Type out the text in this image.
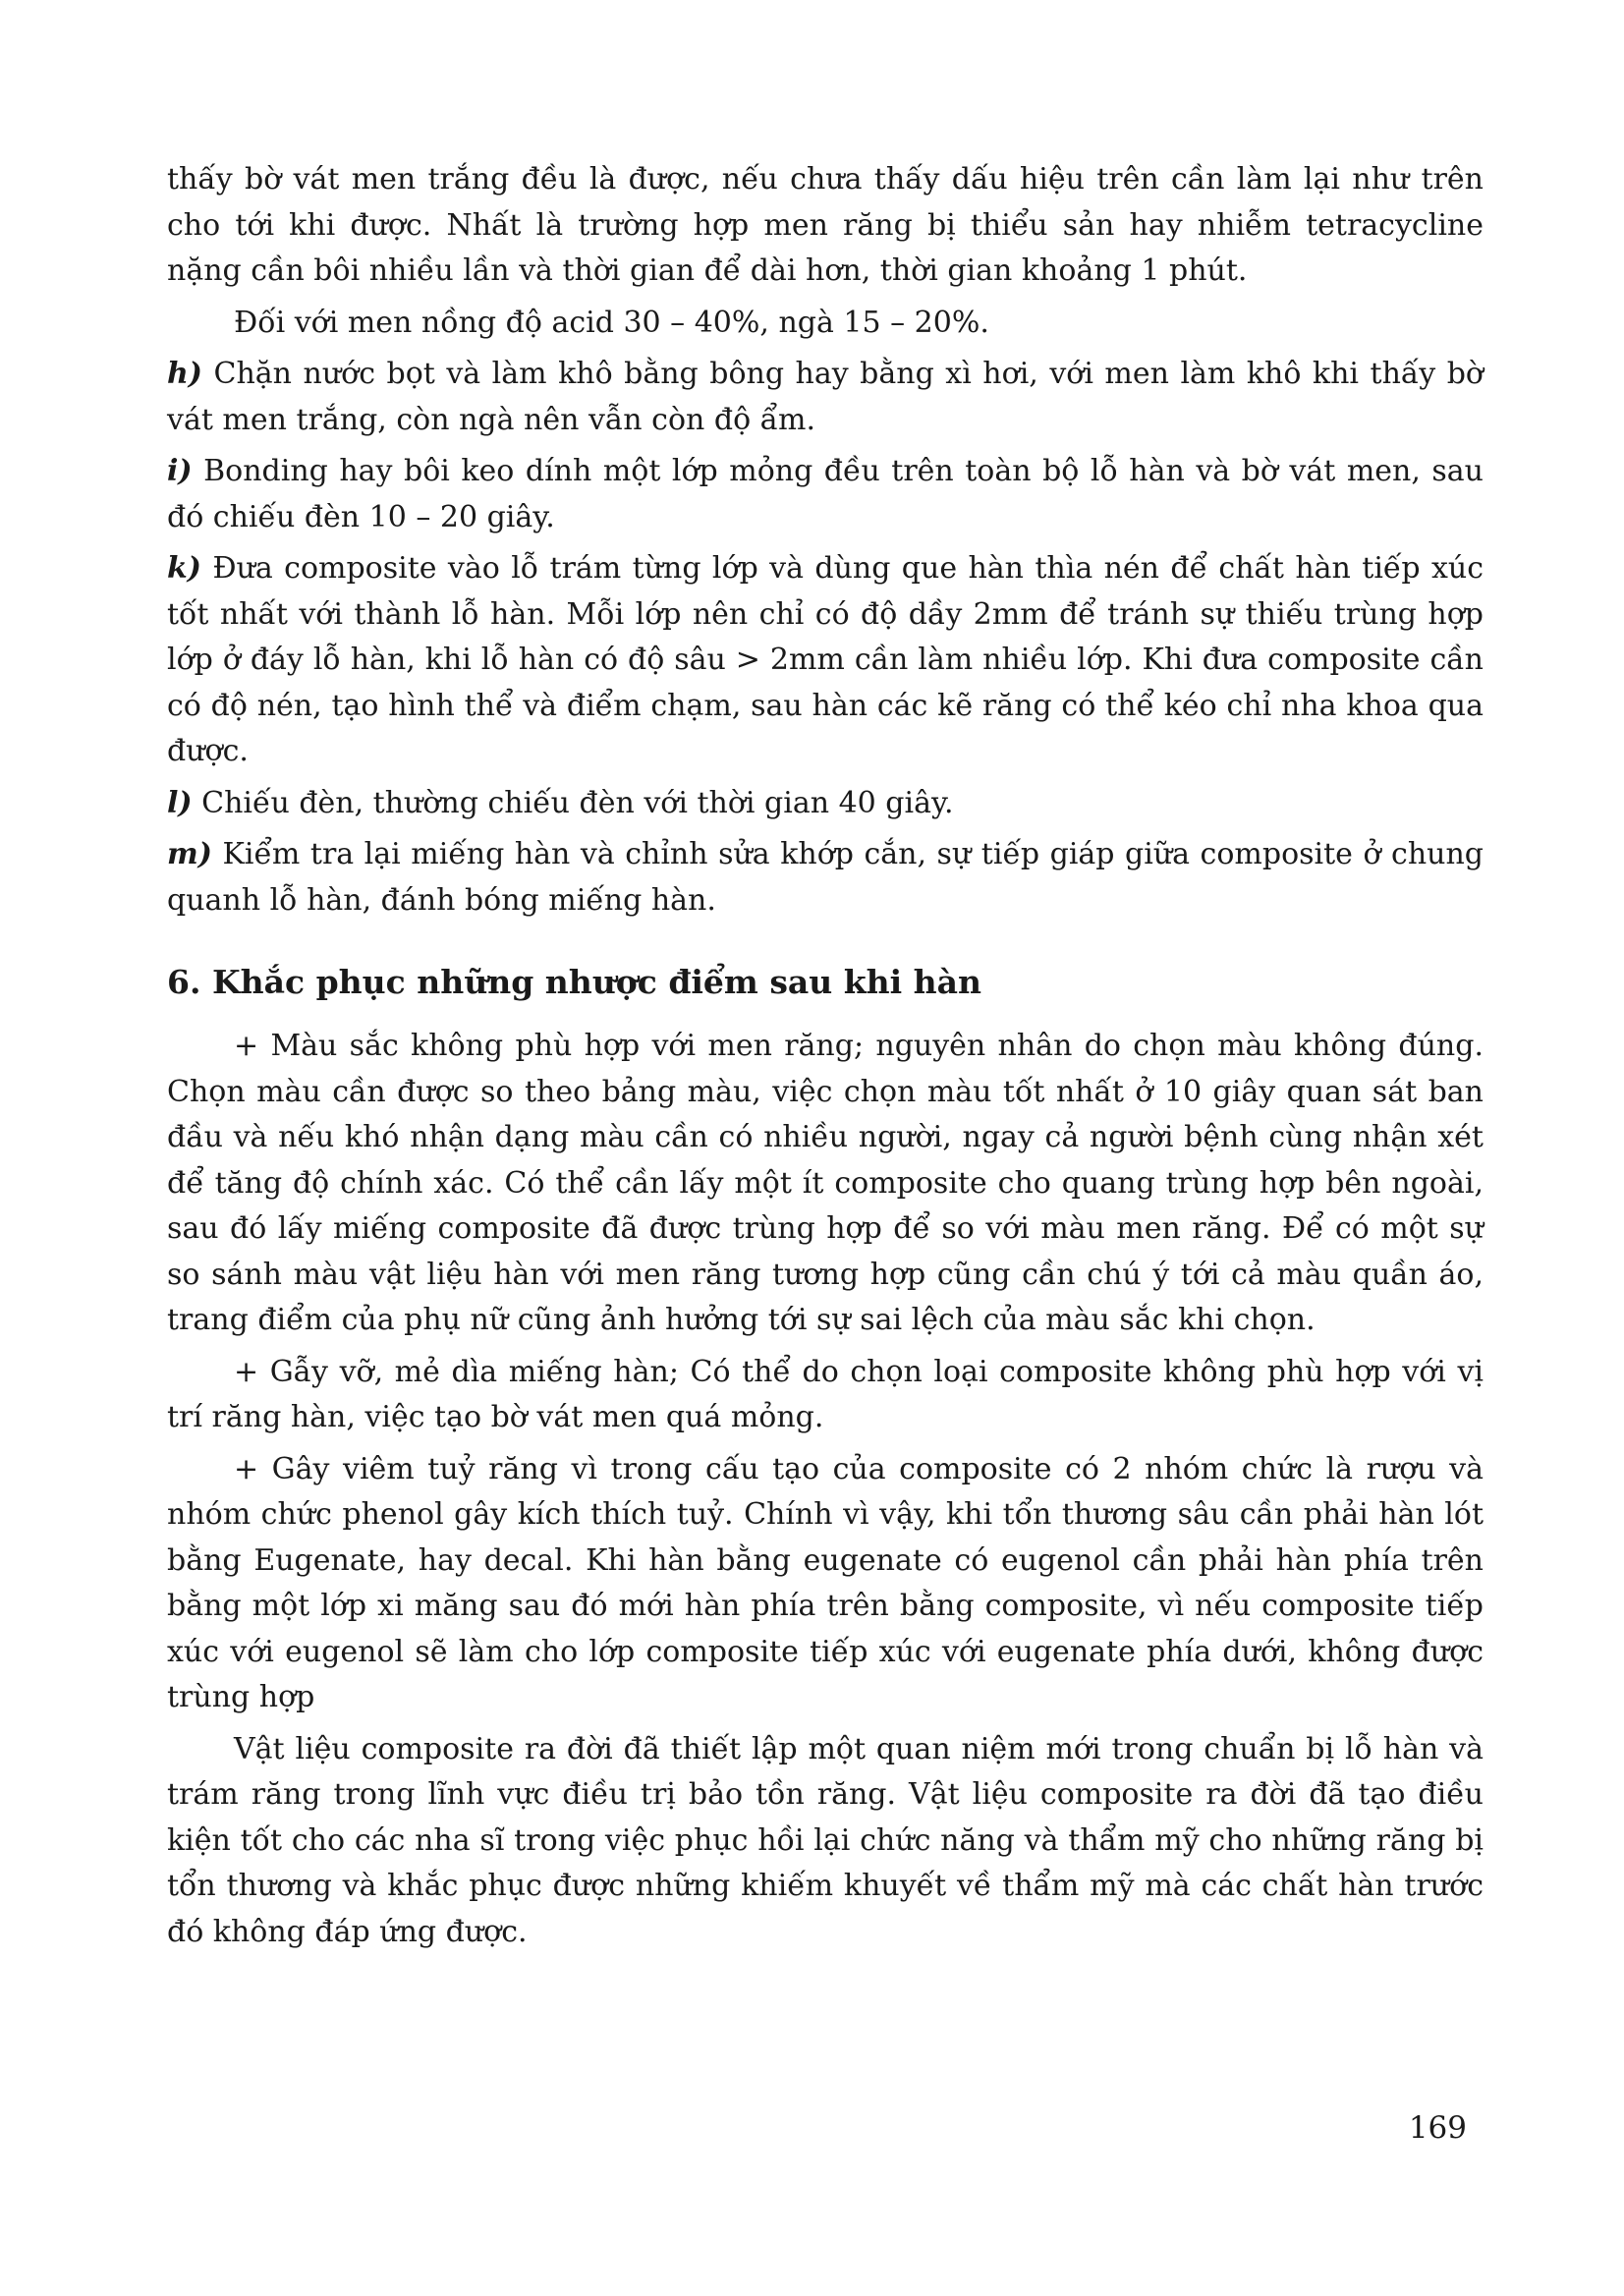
thấy bờ vát men trắng đều là được, nếu chưa thấy dấu hiệu trên cần làm lại như trên cho tới khi được. Nhất là trường hợp men răng bị thiểu sản hay nhiễm tetracycline nặng cần bôi nhiều lần và thời gian để dài hơn, thời gian khoảng 1 phút.

Đối với men nồng độ acid 30 – 40%, ngà 15 – 20%.

h) Chặn nước bọt và làm khô bằng bông hay bằng xì hơi, với men làm khô khi thấy bờ vát men trắng, còn ngà nên vẫn còn độ ẩm.

i) Bonding hay bôi keo dính một lớp mỏng đều trên toàn bộ lỗ hàn và bờ vát men, sau đó chiếu đèn 10 – 20 giây.

k) Đưa composite vào lỗ trám từng lớp và dùng que hàn thìa nén để chất hàn tiếp xúc tốt nhất với thành lỗ hàn. Mỗi lớp nên chỉ có độ dầy 2mm để tránh sự thiếu trùng hợp lớp ở đáy lỗ hàn, khi lỗ hàn có độ sâu > 2mm cần làm nhiều lớp. Khi đưa composite cần có độ nén, tạo hình thể và điểm chạm, sau hàn các kẽ răng có thể kéo chỉ nha khoa qua được.

l) Chiếu đèn, thường chiếu đèn với thời gian 40 giây.

m) Kiểm tra lại miếng hàn và chỉnh sửa khớp cắn, sự tiếp giáp giữa composite ở chung quanh lỗ hàn, đánh bóng miếng hàn.

6. Khắc phục những nhược điểm sau khi hàn

+ Màu sắc không phù hợp với men răng; nguyên nhân do chọn màu không đúng. Chọn màu cần được so theo bảng màu, việc chọn màu tốt nhất ở 10 giây quan sát ban đầu và nếu khó nhận dạng màu cần có nhiều người, ngay cả người bệnh cùng nhận xét để tăng độ chính xác. Có thể cần lấy một ít composite cho quang trùng hợp bên ngoài, sau đó lấy miếng composite đã được trùng hợp để so với màu men răng. Để có một sự so sánh màu vật liệu hàn với men răng tương hợp cũng cần chú ý tới cả màu quần áo, trang điểm của phụ nữ cũng ảnh hưởng tới sự sai lệch của màu sắc khi chọn.

+ Gẫy vỡ, mẻ dìa miếng hàn; Có thể do chọn loại composite không phù hợp với vị trí răng hàn, việc tạo bờ vát men quá mỏng.

+ Gây viêm tuỷ răng vì trong cấu tạo của composite có 2 nhóm chức là rượu và nhóm chức phenol gây kích thích tuỷ. Chính vì vậy, khi tổn thương sâu cần phải hàn lót bằng Eugenate, hay decal. Khi hàn bằng eugenate có eugenol cần phải hàn phía trên bằng một lớp xi măng sau đó mới hàn phía trên bằng composite, vì nếu composite tiếp xúc với eugenol sẽ làm cho lớp composite tiếp xúc với eugenate phía dưới, không được trùng hợp

Vật liệu composite ra đời đã thiết lập một quan niệm mới trong chuẩn bị lỗ hàn và trám răng trong lĩnh vực điều trị bảo tồn răng. Vật liệu composite ra đời đã tạo điều kiện tốt cho các nha sĩ trong việc phục hồi lại chức năng và thẩm mỹ cho những răng bị tổn thương và khắc phục được những khiếm khuyết về thẩm mỹ mà các chất hàn trước đó không đáp ứng được.

169
